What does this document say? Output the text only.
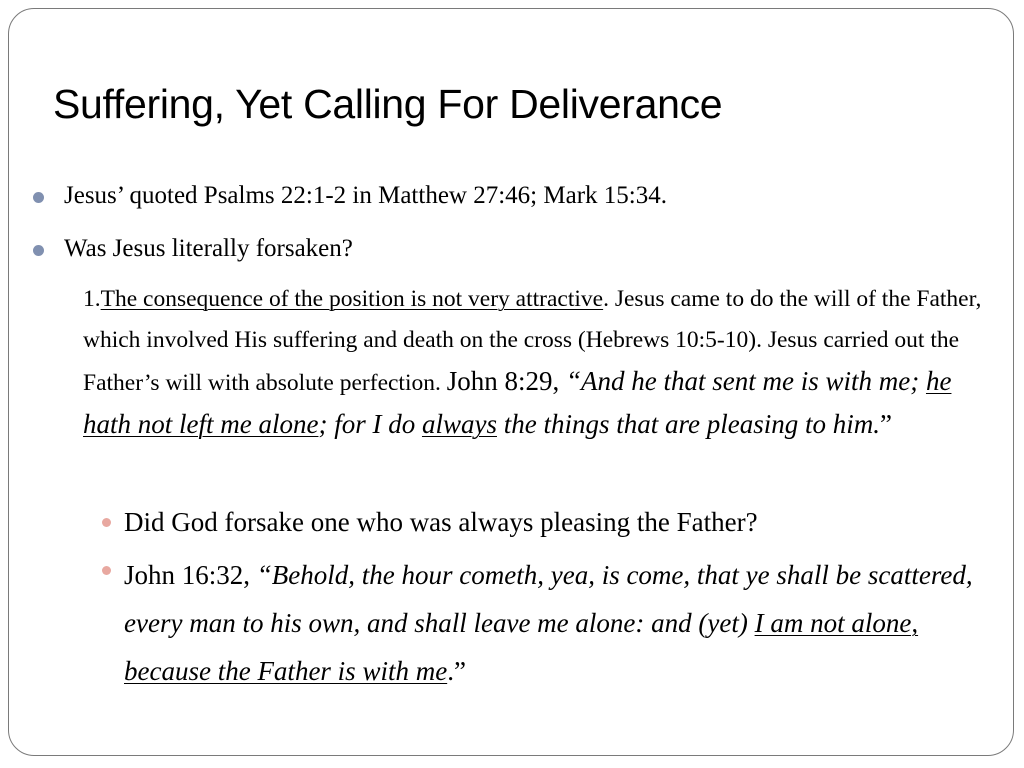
Suffering, Yet Calling For Deliverance
Jesus’ quoted Psalms 22:1-2 in Matthew 27:46; Mark 15:34.
Was Jesus literally forsaken?
1.The consequence of the position is not very attractive. Jesus came to do the will of the Father, which involved His suffering and death on the cross (Hebrews 10:5-10). Jesus carried out the Father’s will with absolute perfection. John 8:29, “And he that sent me is with me; he hath not left me alone; for I do always the things that are pleasing to him.”
Did God forsake one who was always pleasing the Father?
John 16:32, “Behold, the hour cometh, yea, is come, that ye shall be scattered, every man to his own, and shall leave me alone: and (yet) I am not alone, because the Father is with me.”
